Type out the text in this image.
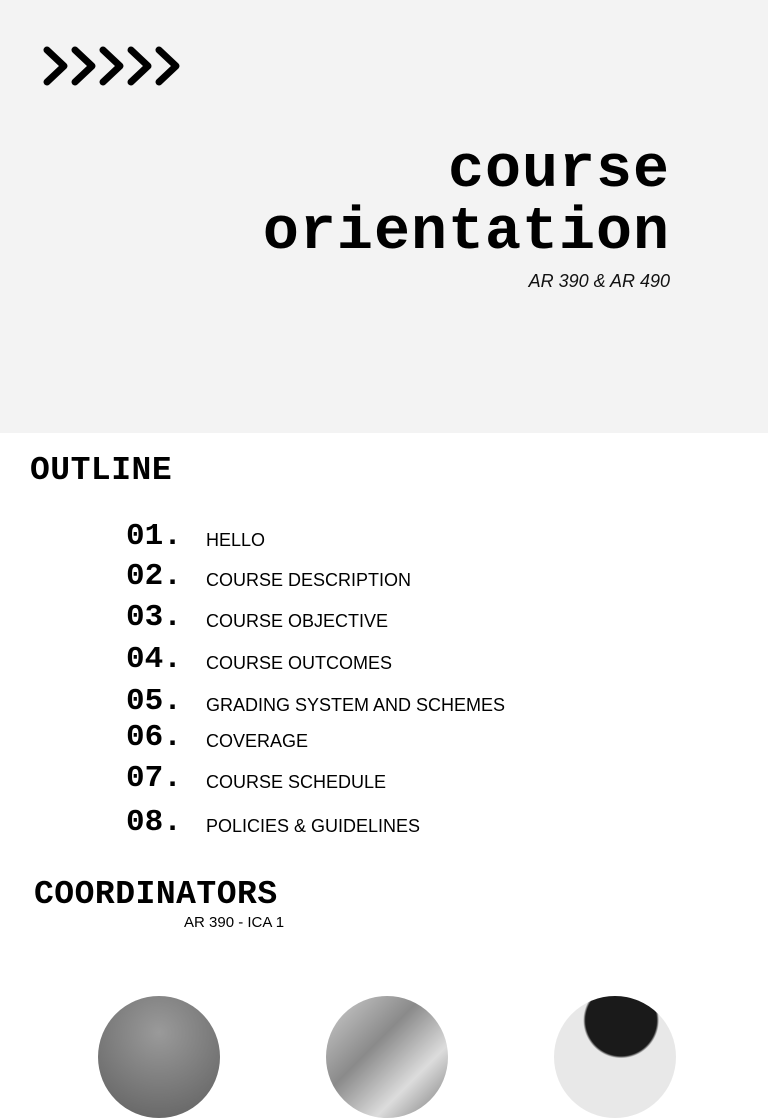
course
orientation
AR 390 & AR 490
OUTLINE
01. HELLO
02. COURSE DESCRIPTION
03. COURSE OBJECTIVE
04. COURSE OUTCOMES
05. GRADING SYSTEM AND SCHEMES
06. COVERAGE
07. COURSE SCHEDULE
08. POLICIES & GUIDELINES
COORDINATORS
AR 390 - ICA 1
